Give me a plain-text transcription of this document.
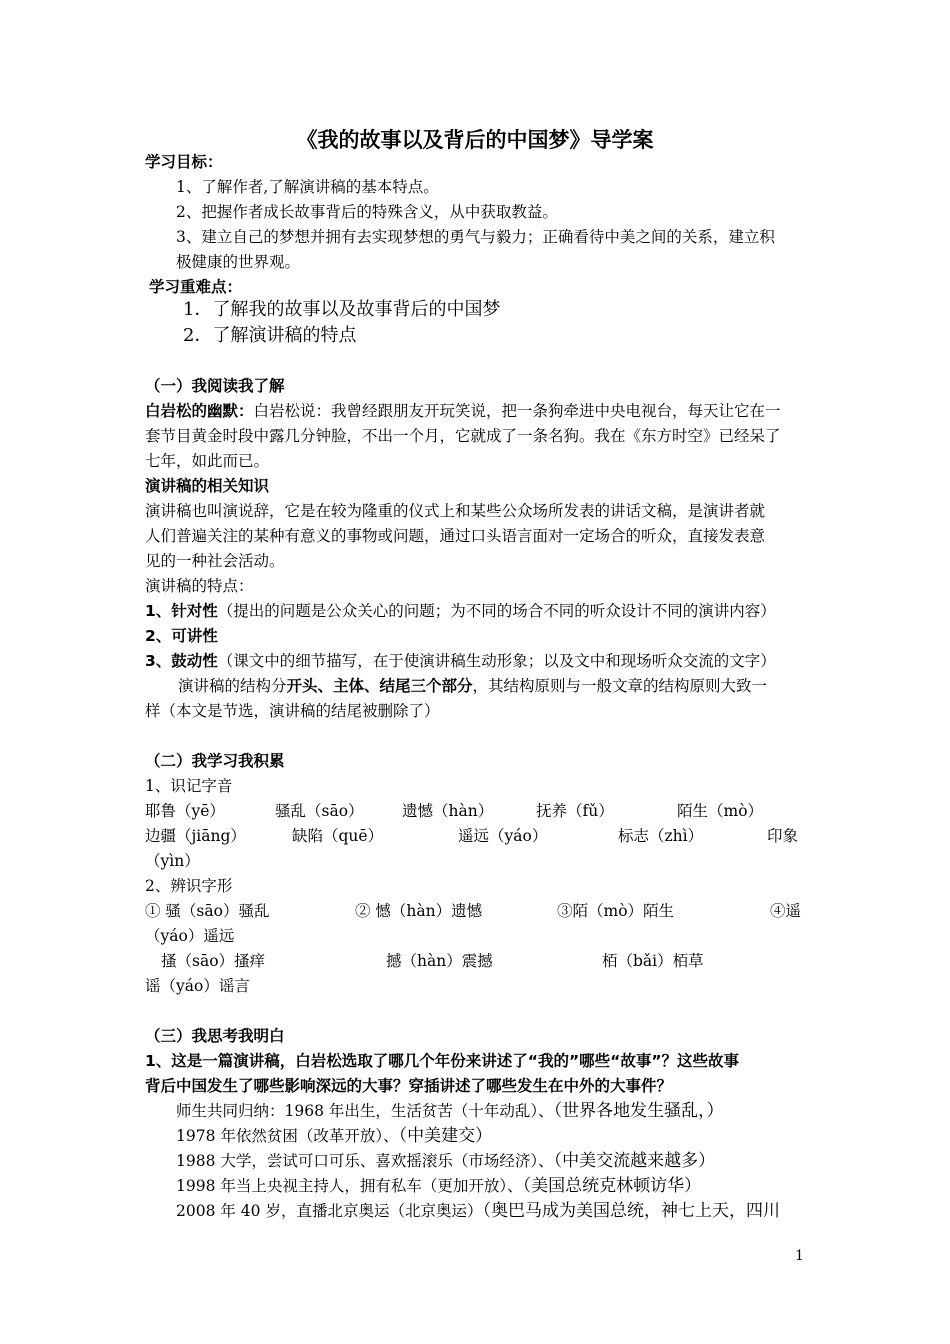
《我的故事以及背后的中国梦》导学案
学习目标：
1、了解作者,了解演讲稿的基本特点。
2、把握作者成长故事背后的特殊含义，从中获取教益。
3、建立自己的梦想并拥有去实现梦想的勇气与毅力；正确看待中美之间的关系，建立积
极健康的世界观。
学习重难点：
1．了解我的故事以及故事背后的中国梦
2．了解演讲稿的特点
（一）我阅读我了解
白岩松的幽默：白岩松说：我曾经跟朋友开玩笑说，把一条狗牵进中央电视台，每天让它在一
套节目黄金时段中露几分钟脸，不出一个月，它就成了一条名狗。我在《东方时空》已经呆了
七年，如此而已。
演讲稿的相关知识
演讲稿也叫演说辞，它是在较为隆重的仪式上和某些公众场所发表的讲话文稿，是演讲者就
人们普遍关注的某种有意义的事物或问题，通过口头语言面对一定场合的听众，直接发表意
见的一种社会活动。
演讲稿的特点：
1、针对性（提出的问题是公众关心的问题；为不同的场合不同的听众设计不同的演讲内容）
2、可讲性
3、鼓动性（课文中的细节描写，在于使演讲稿生动形象；以及文中和现场听众交流的文字）
演讲稿的结构分开头、主体、结尾三个部分，其结构原则与一般文章的结构原则大致一
样（本文是节选，演讲稿的结尾被删除了）
（二）我学习我积累
1、识记字音
耶鲁（yē）	骚乱（sāo） 遗憾（hàn）	抚养（fǔ）	陌生（mò）
边疆（jiāng）	缺陷（quē）	遥远（yáo）	标志（zhì）	印象
（yìn）
2、辨识字形
① 骚（sāo）骚乱	② 憾（hàn）遗憾	③陌（mò）陌生	④遥
（yáo）遥远
搔（sāo）搔痒	撼（hàn）震撼	栢（bǎi）栢草
谣（yáo）谣言
（三）我思考我明白
1、这是一篇演讲稿，白岩松选取了哪几个年份来讲述了“我的”哪些“故事”？这些故事
背后中国发生了哪些影响深远的大事？穿插讲述了哪些发生在中外的大事件？
师生共同归纳：1968 年出生，生活贫苦（十年动乱）、（世界各地发生骚乱，）
1978 年依然贫困（改革开放）、（中美建交）
1988 大学，尝试可口可乐、喜欢摇滚乐（市场经济）、（中美交流越来越多）
1998 年当上央视主持人，拥有私车（更加开放）、（美国总统克林顿访华）
2008 年 40 岁，直播北京奥运（北京奥运）（奥巴马成为美国总统，神七上天，四川
1
